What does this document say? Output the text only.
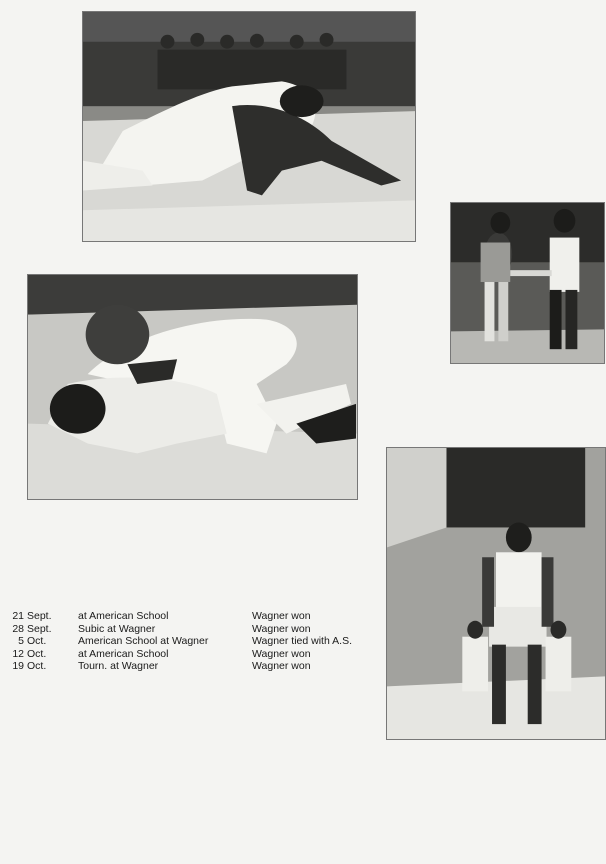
21 Sept.	at American School	Wagner won
28 Sept.	Subic at Wagner	Wagner won
5 Oct.	American School at Wagner	Wagner tied with A.S.
12 Oct.	at American School	Wagner won
19 Oct.	Tourn. at Wagner	Wagner won
